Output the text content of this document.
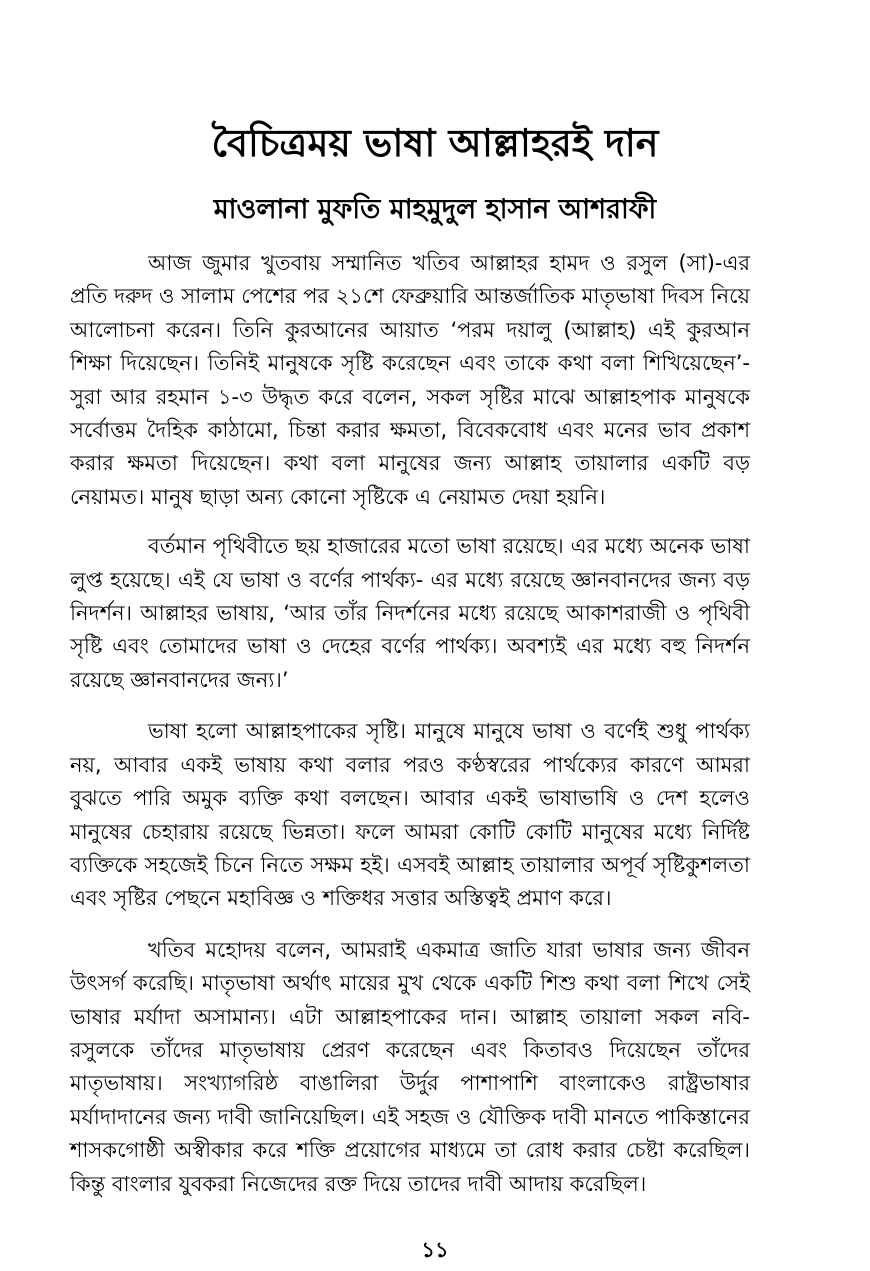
বৈচিত্রময় ভাষা আল্লাহরই দান
মাওলানা মুফতি মাহমুদুল হাসান আশরাফী

আজ জুমার খুতবায় সম্মানিত খতিব আল্লাহর হামদ ও রসুল (সা)-এর প্রতি দরুদ ও সালাম পেশের পর ২১শে ফেব্রুয়ারি আন্তর্জাতিক মাতৃভাষা দিবস নিয়ে আলোচনা করেন। তিনি কুরআনের আয়াত ‘পরম দয়ালু (আল্লাহ) এই কুরআন শিক্ষা দিয়েছেন। তিনিই মানুষকে সৃষ্টি করেছেন এবং তাকে কথা বলা শিখিয়েছেন’- সুরা আর রহমান ১-৩ উদ্ধৃত করে বলেন, সকল সৃষ্টির মাঝে আল্লাহপাক মানুষকে সর্বোত্তম দৈহিক কাঠামো, চিন্তা করার ক্ষমতা, বিবেকবোধ এবং মনের ভাব প্রকাশ করার ক্ষমতা দিয়েছেন। কথা বলা মানুষের জন্য আল্লাহ তায়ালার একটি বড় নেয়ামত। মানুষ ছাড়া অন্য কোনো সৃষ্টিকে এ নেয়ামত দেয়া হয়নি।

বর্তমান পৃথিবীতে ছয় হাজারের মতো ভাষা রয়েছে। এর মধ্যে অনেক ভাষা লুপ্ত হয়েছে। এই যে ভাষা ও বর্ণের পার্থক্য- এর মধ্যে রয়েছে জ্ঞানবানদের জন্য বড় নিদর্শন। আল্লাহর ভাষায়, ‘আর তাঁর নিদর্শনের মধ্যে রয়েছে আকাশরাজী ও পৃথিবী সৃষ্টি এবং তোমাদের ভাষা ও দেহের বর্ণের পার্থক্য। অবশ্যই এর মধ্যে বহু নিদর্শন রয়েছে জ্ঞানবানদের জন্য।’

ভাষা হলো আল্লাহপাকের সৃষ্টি। মানুষে মানুষে ভাষা ও বর্ণেই শুধু পার্থক্য নয়, আবার একই ভাষায় কথা বলার পরও কণ্ঠস্বরের পার্থক্যের কারণে আমরা বুঝতে পারি অমুক ব্যক্তি কথা বলছেন। আবার একই ভাষাভাষি ও দেশ হলেও মানুষের চেহারায় রয়েছে ভিন্নতা। ফলে আমরা কোটি কোটি মানুষের মধ্যে নির্দিষ্ট ব্যক্তিকে সহজেই চিনে নিতে সক্ষম হই। এসবই আল্লাহ তায়ালার অপূর্ব সৃষ্টিকুশলতা এবং সৃষ্টির পেছনে মহাবিজ্ঞ ও শক্তিধর সত্তার অস্তিত্বই প্রমাণ করে।

খতিব মহোদয় বলেন, আমরাই একমাত্র জাতি যারা ভাষার জন্য জীবন উৎসর্গ করেছি। মাতৃভাষা অর্থাৎ মায়ের মুখ থেকে একটি শিশু কথা বলা শিখে সেই ভাষার মর্যাদা অসামান্য। এটা আল্লাহপাকের দান। আল্লাহ তায়ালা সকল নবি-রসুলকে তাঁদের মাতৃভাষায় প্রেরণ করেছেন এবং কিতাবও দিয়েছেন তাঁদের মাতৃভাষায়। সংখ্যাগরিষ্ঠ বাঙালিরা উর্দুর পাশাপাশি বাংলাকেও রাষ্ট্রভাষার মর্যাদাদানের জন্য দাবী জানিয়েছিল। এই সহজ ও যৌক্তিক দাবী মানতে পাকিস্তানের শাসকগোষ্ঠী অস্বীকার করে শক্তি প্রয়োগের মাধ্যমে তা রোধ করার চেষ্টা করেছিল। কিন্তু বাংলার যুবকরা নিজেদের রক্ত দিয়ে তাদের দাবী আদায় করেছিল।

১১
